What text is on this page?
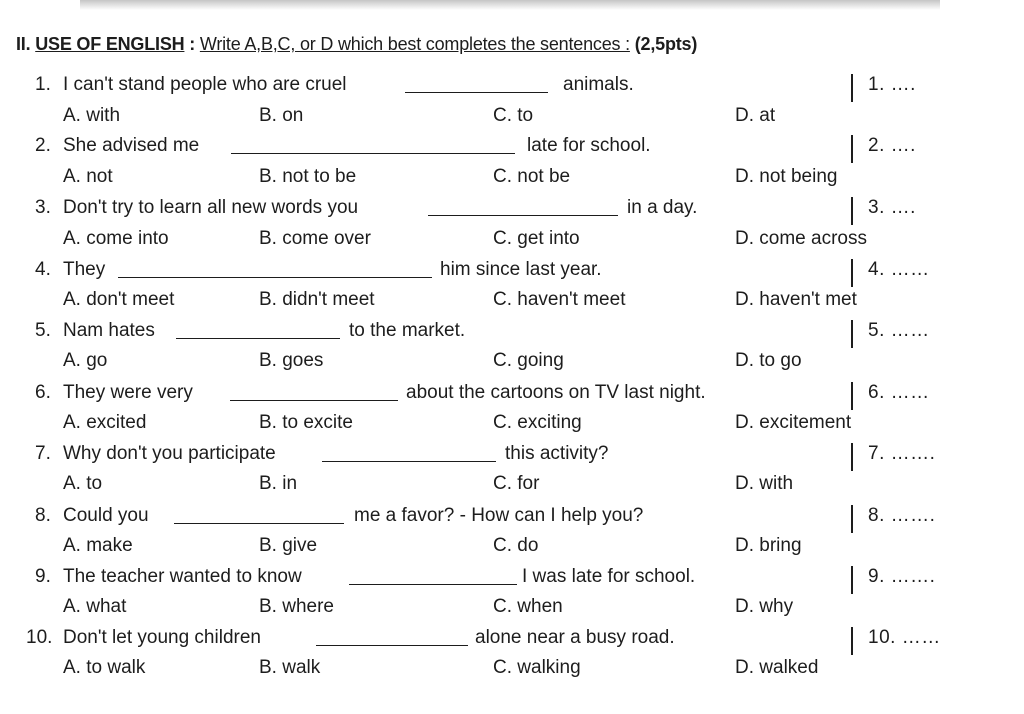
II. USE OF ENGLISH : Write A,B,C, or D which best completes the sentences : (2,5pts)
1. I can't stand people who are cruel	animals.	1. ….
A. with	B. on	C. to	D. at
2. She advised me	late for school.	2. ….
A. not	B. not to be	C. not be	D. not being
3. Don't try to learn all new words you	in a day.	3. ….
A. come into	B. come over	C. get into	D. come across
4. They	him since last year.	4. ……
A. don't meet	B. didn't meet	C. haven't meet	D. haven't met
5. Nam hates	to the market.	5. ……
A. go	B. goes	C. going	D. to go
6. They were very	about the cartoons on TV last night.	6. ……
A. excited	B. to excite	C. exciting	D. excitement
7. Why don't you participate	this activity?	7. …….
A. to	B. in	C. for	D. with
8. Could you	me a favor? - How can I help you?	8. …….
A. make	B. give	C. do	D. bring
9. The teacher wanted to know	I was late for school.	9. …….
A. what	B. where	C. when	D. why
10. Don't let young children	alone near a busy road.	10. ……
A. to walk	B. walk	C. walking	D. walked
